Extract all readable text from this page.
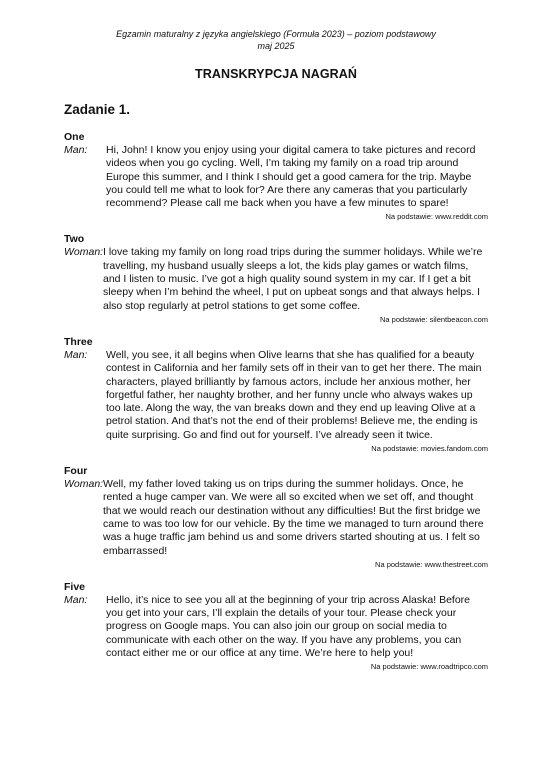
Egzamin maturalny z języka angielskiego (Formuła 2023) – poziom podstawowy
maj 2025
TRANSKRYPCJA NAGRAŃ
Zadanie 1.
One
Man:	Hi, John! I know you enjoy using your digital camera to take pictures and record videos when you go cycling. Well, I’m taking my family on a road trip around Europe this summer, and I think I should get a good camera for the trip. Maybe you could tell me what to look for? Are there any cameras that you particularly recommend? Please call me back when you have a few minutes to spare!
Na podstawie: www.reddit.com
Two
Woman: I love taking my family on long road trips during the summer holidays. While we’re travelling, my husband usually sleeps a lot, the kids play games or watch films, and I listen to music. I’ve got a high quality sound system in my car. If I get a bit sleepy when I’m behind the wheel, I put on upbeat songs and that always helps. I also stop regularly at petrol stations to get some coffee.
Na podstawie: silentbeacon.com
Three
Man:	Well, you see, it all begins when Olive learns that she has qualified for a beauty contest in California and her family sets off in their van to get her there. The main characters, played brilliantly by famous actors, include her anxious mother, her forgetful father, her naughty brother, and her funny uncle who always wakes up too late. Along the way, the van breaks down and they end up leaving Olive at a petrol station. And that’s not the end of their problems! Believe me, the ending is quite surprising. Go and find out for yourself. I’ve already seen it twice.
Na podstawie: movies.fandom.com
Four
Woman: Well, my father loved taking us on trips during the summer holidays. Once, he rented a huge camper van. We were all so excited when we set off, and thought that we would reach our destination without any difficulties! But the first bridge we came to was too low for our vehicle. By the time we managed to turn around there was a huge traffic jam behind us and some drivers started shouting at us. I felt so embarrassed!
Na podstawie: www.thestreet.com
Five
Man:	Hello, it’s nice to see you all at the beginning of your trip across Alaska! Before you get into your cars, I’ll explain the details of your tour. Please check your progress on Google maps. You can also join our group on social media to communicate with each other on the way. If you have any problems, you can contact either me or our office at any time. We’re here to help you!
Na podstawie: www.roadtripco.com
